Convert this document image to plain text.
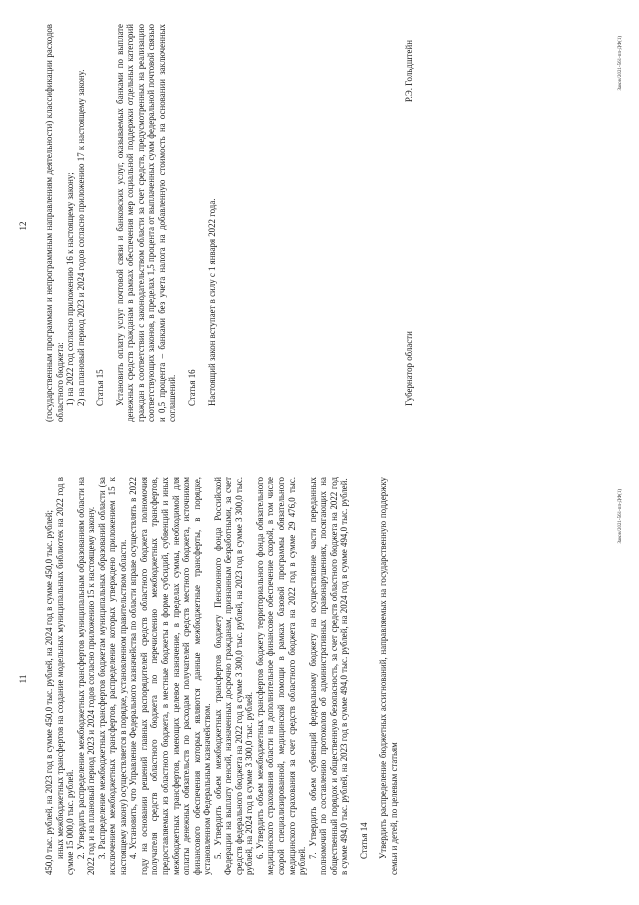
11 450,0 тыс. рублей, на 2023 год в сумме 450,0 тыс. рублей, на 2024 год в сумме 450,0 тыс. рублей; иных межбюджетных трансфертов на создание модельных муниципальных библиотек на 2022 год в сумме 15 000,0 тыс. рублей. 2. Утвердить распределение межбюджетных трансфертов муниципальным образованиям области на 2022 год и на плановый период 2023 и 2024 годов согласно приложению 15 к настоящему закону. 3. Распределение межбюджетных трансфертов бюджетам муниципальных образований области (за исключением межбюджетных трансфертов, распределение которых утверждено приложением 15 к настоящему закону) осуществляется в порядке, установленном правительством области. 4. Установить, что Управление Федерального казначейства по области вправе осуществлять в 2022 году на основании решений главных распорядителей средств областного бюджета полномочия получателя средств областного бюджета по перечислению межбюджетных трансфертов, предоставляемых из областного бюджета, в местные бюджеты в форме субсидий, субвенций и иных межбюджетных трансфертов, имеющих целевое назначение, в пределах суммы, необходимой для оплаты денежных обязательств по расходам получателей средств местного бюджета, источником финансового обеспечения которых являются данные межбюджетные трансферты, в порядке, установленном Федеральным казначейством. 5. Утвердить объем межбюджетных трансфертов бюджету Пенсионного фонда Российской Федерации на выплату пенсий, назначенных досрочно гражданам, признанным безработными, за счет средств федерального бюджета на 2022 год в сумме 3 300,0 тыс. рублей, на 2023 год в сумме 3 300,0 тыс. рублей, на 2024 год в сумме 3 300,0 тыс. рублей. 6. Утвердить объем межбюджетных трансфертов бюджету территориального фонда обязательного медицинского страхования области на дополнительное финансовое обеспечение скорой, в том числе скорой специализированной, медицинской помощи в рамках базовой программы обязательного медицинского страхования за счет средств областного бюджета на 2022 год в сумме 29 476,0 тыс. рублей.

7. Утвердить объем субвенций федеральному бюджету на осуществление части переданных полномочий по составлению протоколов об административных правонарушениях, посягающих на общественный порядок и общественную безопасность, за счет средств областного бюджета на 2022 год в сумме 494,0 тыс. рублей, на 2023 год в сумме 494,0 тыс. рублей, на 2024 год в сумме 494,0 тыс. рублей. Статья 14 Утвердить распределение бюджетных ассигнований, направляемых на государственную поддержку семьи и детей, по целевым статьям

Закон/2021-561-пп-ДФ(1)
12 (государственным программам и непрограммным направлениям деятельности) классификации расходов областного бюджета: 1) на 2022 год согласно приложению 16 к настоящему закону; 2) на плановый период 2023 и 2024 годов согласно приложению 17 к настоящему закону. Статья 15 Установить оплату услуг почтовой связи и банковских услуг, оказываемых банками по выплате денежных средств гражданам в рамках обеспечения мер социальной поддержки отдельных категорий граждан в соответствии с законодательством области за счет средств, предусмотренных на реализацию соответствующих законов, в пределах 1,5 процента от выплаченных сумм федеральной почтовой связью и 0,5 процента – банками без учета налога на добавленную стоимость на основании заключенных соглашений. Статья 16 Настоящий закон вступает в силу с 1 января 2022 года.	Губернатор области
Р.Э. Гольдштейн	Закон/2021-561-пп-ДФ(1)
